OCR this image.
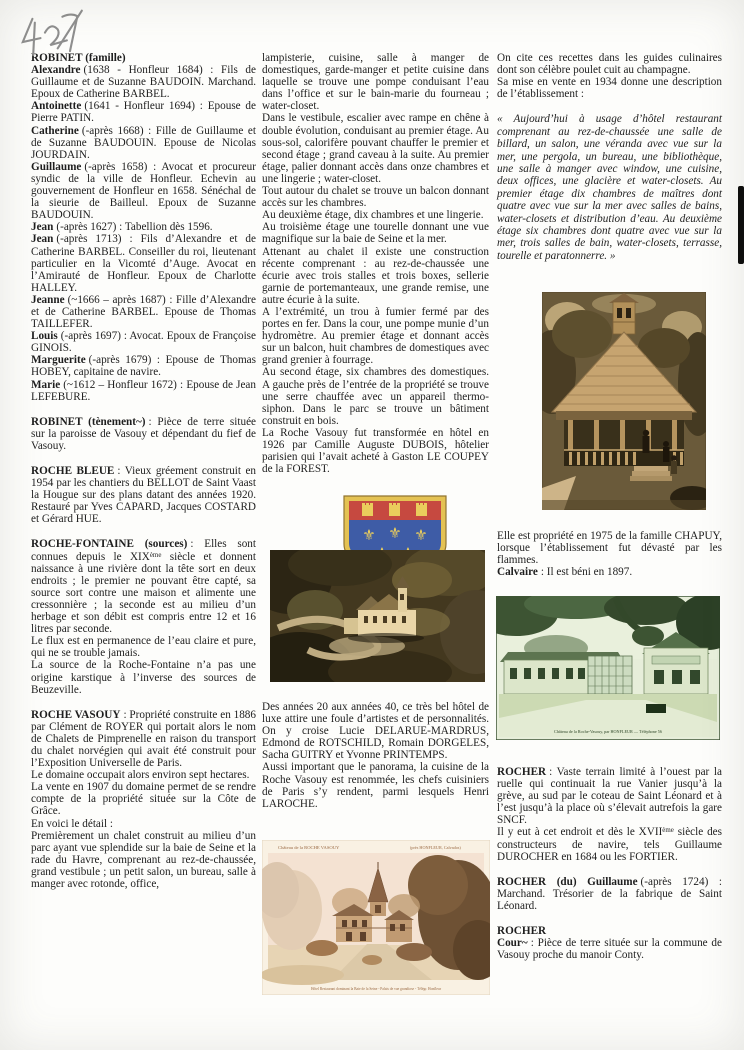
⚜ ⚜ ⚜

ROBINET (famille)

Alexandre (1638 - Honfleur 1684) : Fils de Guillaume et de Suzanne BAUDOIN. Marchand. Epoux de Catherine BARBEL.

Antoinette (1641 - Honfleur 1694) : Epouse de Pierre PATIN.

Catherine (-après 1668) : Fille de Guillaume et de Suzanne BAUDOUIN. Epouse de Nicolas JOURDAIN.

Guillaume (-après 1658) : Avocat et procureur syndic de la ville de Honfleur. Echevin au gouvernement de Honfleur en 1658. Sénéchal de la sieurie de Bailleul. Epoux de Suzanne BAUDOUIN.

Jean (-après 1627) : Tabellion dès 1596.

Jean (-après 1713) : Fils d’Alexandre et de Catherine BARBEL. Conseiller du roi, lieutenant particulier en la Vicomté d’Auge. Avocat en l’Amirauté de Honfleur. Epoux de Charlotte HALLEY.

Jeanne (~1666 – après 1687) : Fille d’Alexandre et de Catherine BARBEL. Epouse de Thomas TAILLEFER.

Louis (-après 1697) : Avocat. Epoux de Françoise GINOIS.

Marguerite (-après 1679) : Epouse de Thomas HOBEY, capitaine de navire.

Marie (~1612 – Honfleur 1672) : Epouse de Jean LEFEBURE.

ROBINET (tènement~) : Pièce de terre située sur la paroisse de Vasouy et dépendant du fief de Vasouy.

ROCHE BLEUE : Vieux gréement construit en 1954 par les chantiers du BELLOT de Saint Vaast la Hougue sur des plans datant des années 1920. Restauré par Yves CAPARD, Jacques COSTARD et Gérard HUE.

ROCHE-FONTAINE (sources) : Elles sont connues depuis le XIXème siècle et donnent naissance à une rivière dont la tête sort en deux endroits ; le premier ne pouvant être capté, sa source sort contre une maison et alimente une cressonnière ; la seconde est au milieu d’un herbage et son débit est compris entre 12 et 16 litres par seconde.

Le flux est en permanence de l’eau claire et pure, qui ne se trouble jamais.

La source de la Roche-Fontaine n’a pas une origine karstique à l’inverse des sources de Beuzeville.

ROCHE VASOUY : Propriété construite en 1886 par Clément de ROYER qui portait alors le nom de Chalets de Pimprenelle en raison du transport du chalet norvégien qui avait été construit pour l’Exposition Universelle de Paris.

Le domaine occupait alors environ sept hectares.

La vente en 1907 du domaine permet de se rendre compte de la propriété située sur la Côte de Grâce.

En voici le détail :

Premièrement un chalet construit au milieu d’un parc ayant vue splendide sur la baie de Seine et la rade du Havre, comprenant au rez-de-chaussée, grand vestibule ; un petit salon, un bureau, salle à manger avec rotonde, office,

lampisterie, cuisine, salle à manger de domestiques, garde-manger et petite cuisine dans laquelle se trouve une pompe conduisant l’eau dans l’office et sur le bain-marie du fourneau ; water-closet.

Dans le vestibule, escalier avec rampe en chêne à double évolution, conduisant au premier étage. Au sous-sol, calorifère pouvant chauffer le premier et second étage ; grand caveau à la suite. Au premier étage, palier donnant accès dans onze chambres et une lingerie ; water-closet.

Tout autour du chalet se trouve un balcon donnant accès sur les chambres.

Au deuxième étage, dix chambres et une lingerie.

Au troisième étage une tourelle donnant une vue magnifique sur la baie de Seine et la mer.

Attenant au chalet il existe une construction récente comprenant : au rez-de-chaussée une écurie avec trois stalles et trois boxes, sellerie garnie de portemanteaux, une grande remise, une autre écurie à la suite.

A l’extrémité, un trou à fumier fermé par des portes en fer. Dans la cour, une pompe munie d’un hydromètre. Au premier étage et donnant accès sur un balcon, huit chambres de domestiques avec grand grenier à fourrage.

Au second étage, six chambres des domestiques. A gauche près de l’entrée de la propriété se trouve une serre chauffée avec un appareil thermo-siphon. Dans le parc se trouve un bâtiment construit en bois.

La Roche Vasouy fut transformée en hôtel en 1926 par Camille Auguste DUBOIS, hôtelier parisien qui l’avait acheté à Gaston LE COUPEY de la FOREST.

Des années 20 aux années 40, ce très bel hôtel de luxe attire une foule d’artistes et de personnalités. On y croise Lucie DELARUE-MARDRUS, Edmond de ROTSCHILD, Romain DORGELES, Sacha GUITRY et Yvonne PRINTEMPS.

Aussi important que le panorama, la cuisine de la Roche Vasouy est renommée, les chefs cuisiniers de Paris s’y rendent, parmi lesquels Henri LAROCHE.

Château de la ROCHE VASOUY	(près HONFLEUR, Calvados)
Hôtel Restaurant dominant la Baie de la Seine - Palais de vue grandiose - Télégr. Honfleur

On cite ces recettes dans les guides culinaires dont son célèbre poulet cuit au champagne.

Sa mise en vente en 1934 donne une description de l’établissement :

« Aujourd’hui à usage d’hôtel restaurant comprenant au rez-de-chaussée une salle de billard, un salon, une véranda avec vue sur la mer, une pergola, un bureau, une bibliothèque, une salle à manger avec window, une cuisine, deux offices, une glacière et water-closets. Au premier étage dix chambres de maîtres dont quatre avec vue sur la mer avec salles de bains, water-closets et distribution d’eau. Au deuxième étage six chambres dont quatre avec vue sur la mer, trois salles de bain, water-closets, terrasse, tourelle et paratonnerre. »

Elle est propriété en 1975 de la famille CHAPUY, lorsque l’établissement fut dévasté par les flammes.

Calvaire : Il est béni en 1897.

Château de la Roche-Vasouy, par HONFLEUR — Téléphone 56

ROCHER : Vaste terrain limité à l’ouest par la ruelle qui continuait la rue Vanier jusqu’à la grève, au sud par le coteau de Saint Léonard et à l’est jusqu’à la place où s’élevait autrefois la gare SNCF.

Il y eut à cet endroit et dès le XVIIème siècle des constructeurs de navire, tels Guillaume DUROCHER en 1684 ou les FORTIER.

ROCHER (du) Guillaume (-après 1724) : Marchand. Trésorier de la fabrique de Saint Léonard.

ROCHER

Cour~ : Pièce de terre située sur la commune de Vasouy proche du manoir Conty.
